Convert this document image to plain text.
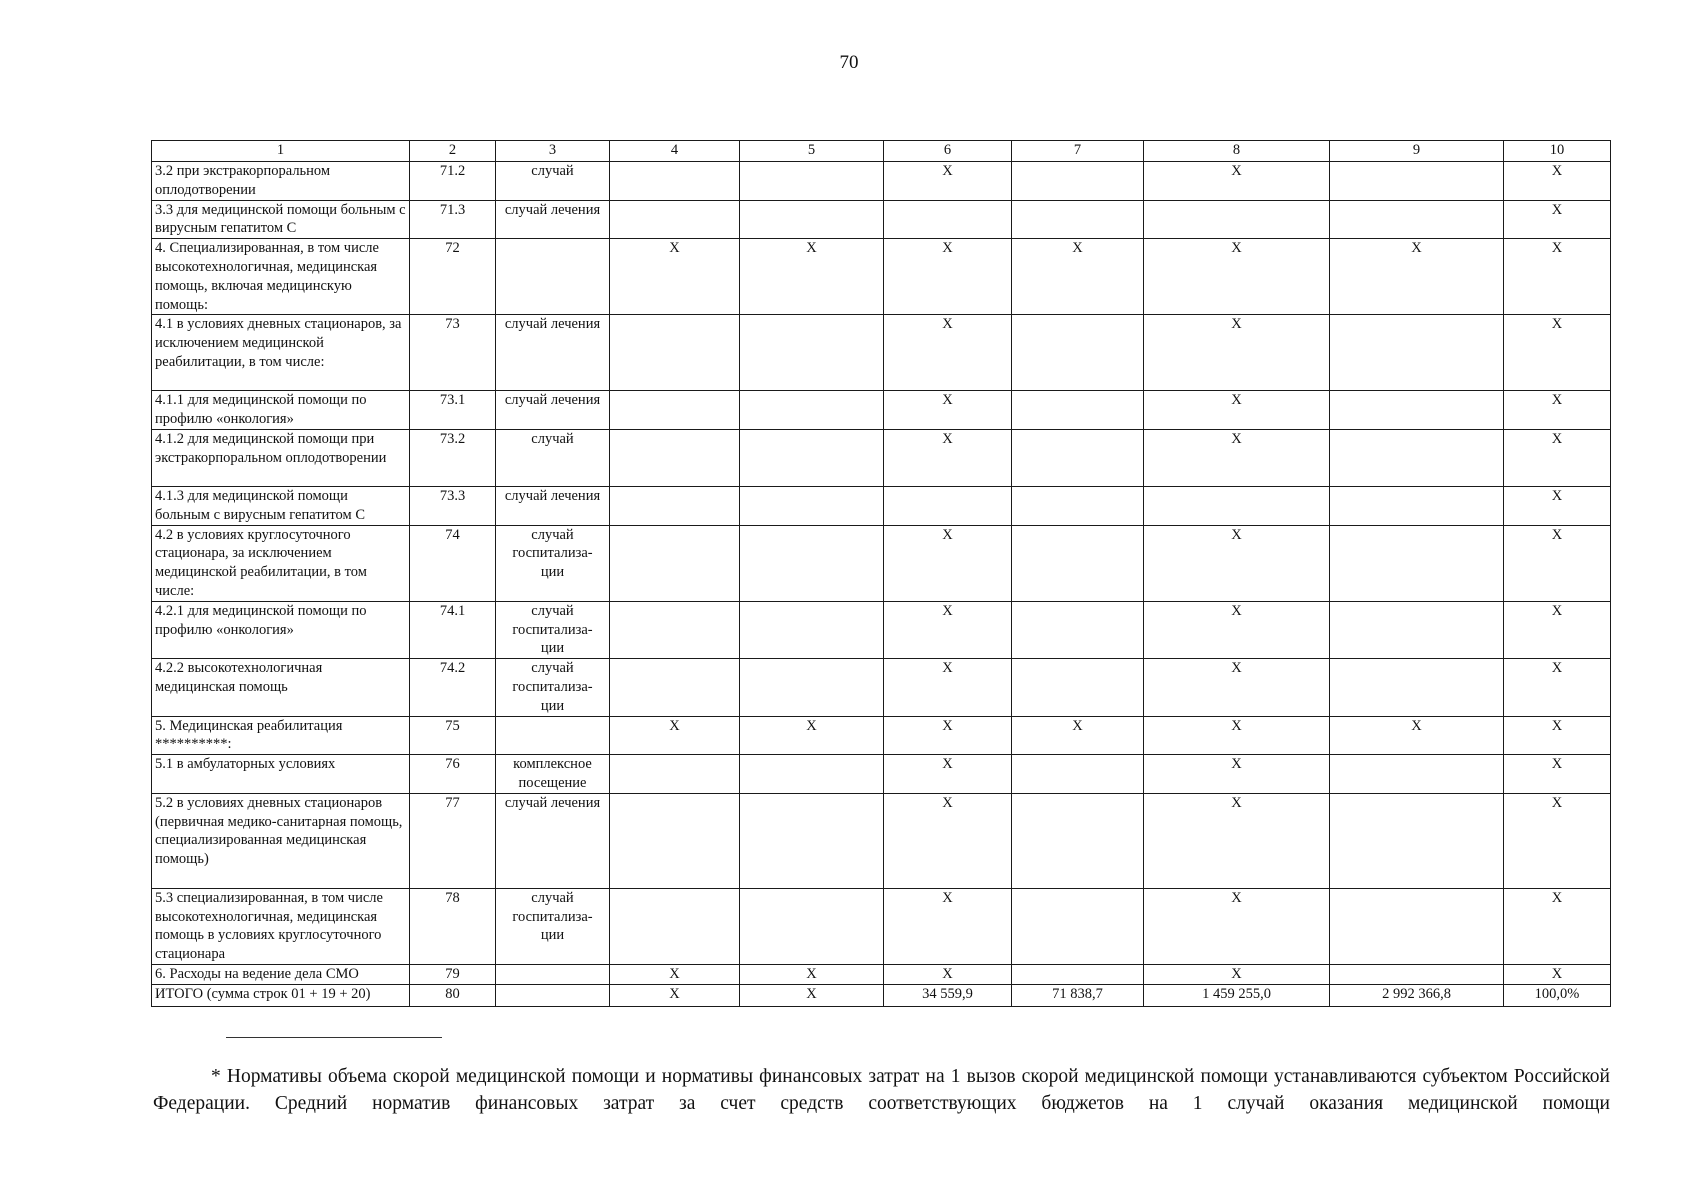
70
1	2	3	4	5	6	7	8	9	10
3.2 при экстракорпоральном оплодотворении	71.2	случай			Х		Х		Х
3.3 для медицинской помощи больным с вирусным гепатитом С	71.3	случай лечения							Х
4. Специализированная, в том числе высокотехнологичная, медицинская помощь, включая медицинскую помощь:	72		Х	Х	Х	Х	Х	Х	Х
4.1 в условиях дневных стационаров, за исключением медицинской реабилитации, в том числе:	73	случай лечения			Х		Х		Х
4.1.1 для медицинской помощи по профилю «онкология»	73.1	случай лечения			Х		Х		Х
4.1.2 для медицинской помощи при экстракорпоральном оплодотворении	73.2	случай			Х		Х		Х
4.1.3 для медицинской помощи больным с вирусным гепатитом С	73.3	случай лечения							Х
4.2 в условиях круглосуточного стационара, за исключением медицинской реабилитации, в том числе:	74	случай госпитализа- ции			Х		Х		Х
4.2.1 для медицинской помощи по профилю «онкология»	74.1	случай госпитализа- ции			Х		Х		Х
4.2.2 высокотехнологичная медицинская помощь	74.2	случай госпитализа- ции			Х		Х		Х
5. Медицинская реабилитация **********:	75		Х	Х	Х	Х	Х	Х	Х
5.1 в амбулаторных условиях	76	комплексное посещение			Х		Х		Х
5.2 в условиях дневных стационаров (первичная медико-санитарная помощь, специализированная медицинская помощь)	77	случай лечения			Х		Х		Х
5.3 специализированная, в том числе высокотехнологичная, медицинская помощь в условиях круглосуточного стационара	78	случай госпитализа- ции			Х		Х		Х
6. Расходы на ведение дела СМО	79		Х	Х	Х		Х		Х
ИТОГО (сумма строк 01 + 19 + 20)	80		Х	Х	34 559,9	71 838,7	1 459 255,0	2 992 366,8	100,0%

* Нормативы объема скорой медицинской помощи и нормативы финансовых затрат на 1 вызов скорой медицинской помощи устанавливаются субъектом Российской Федерации. Средний норматив финансовых затрат за счет средств соответствующих бюджетов на 1 случай оказания медицинской помощи
